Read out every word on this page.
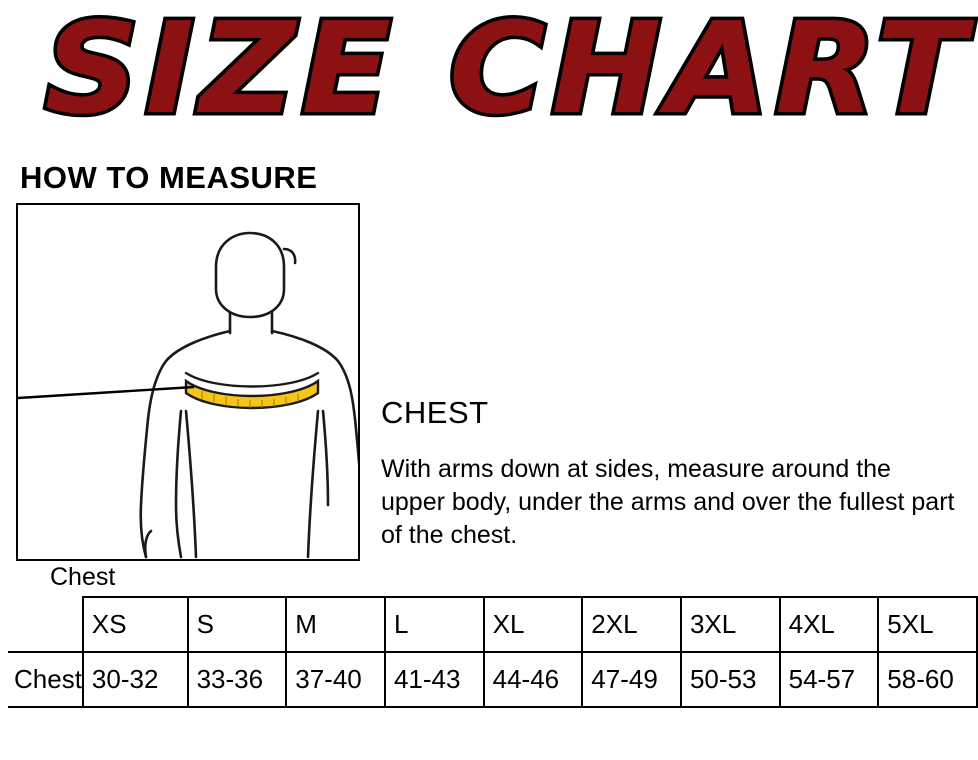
SIZE CHART
HOW TO MEASURE
Chest
CHEST
With arms down at sides, measure around the upper body, under the arms and over the fullest part of the chest.
	XS	S	M	L	XL	2XL	3XL	4XL	5XL
Chest	30-32	33-36	37-40	41-43	44-46	47-49	50-53	54-57	58-60
